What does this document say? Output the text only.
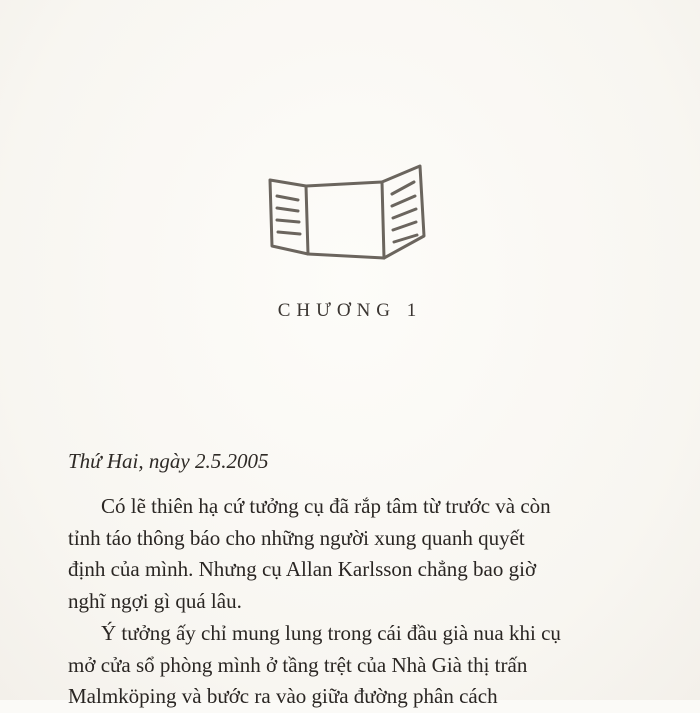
CHƯƠNG 1

Thứ Hai, ngày 2.5.2005

Có lẽ thiên hạ cứ tưởng cụ đã rắp tâm từ trước và còn
tỉnh táo thông báo cho những người xung quanh quyết
định của mình. Nhưng cụ Allan Karlsson chẳng bao giờ
nghĩ ngợi gì quá lâu.

Ý tưởng ấy chỉ mung lung trong cái đầu già nua khi cụ
mở cửa sổ phòng mình ở tầng trệt của Nhà Già thị trấn
Malmköping và bước ra vào giữa đường phân cách
